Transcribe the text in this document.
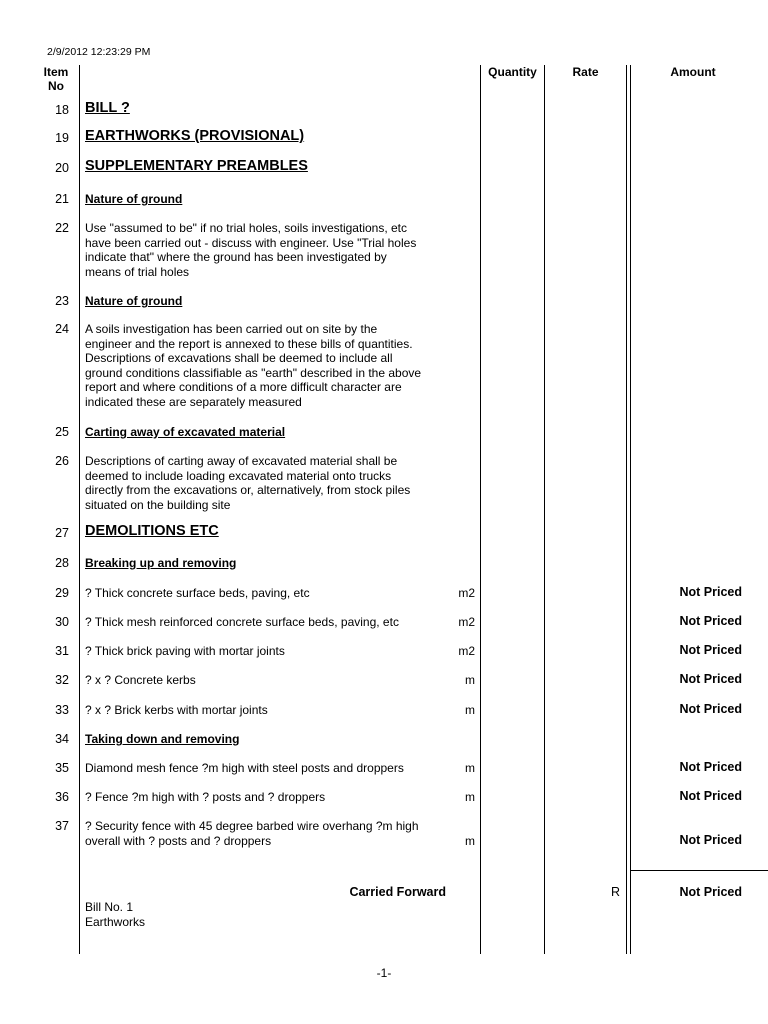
2/9/2012 12:23:29 PM
Item
No
Quantity	Rate	Amount
18 BILL ?
19 EARTHWORKS (PROVISIONAL)
20 SUPPLEMENTARY PREAMBLES
21 Nature of ground
22 Use "assumed to be" if no trial holes, soils investigations, etc
have been carried out - discuss with engineer. Use "Trial holes
indicate that" where the ground has been investigated by
means of trial holes
23 Nature of ground
24 A soils investigation has been carried out on site by the
engineer and the report is annexed to these bills of quantities.
Descriptions of excavations shall be deemed to include all
ground conditions classifiable as "earth" described in the above
report and where conditions of a more difficult character are
indicated these are separately measured
25 Carting away of excavated material
26 Descriptions of carting away of excavated material shall be
deemed to include loading excavated material onto trucks
directly from the excavations or, alternatively, from stock piles
situated on the building site
27 DEMOLITIONS ETC
28 Breaking up and removing
29 ? Thick concrete surface beds, paving, etc	m2	Not Priced
30 ? Thick mesh reinforced concrete surface beds, paving, etc	m2	Not Priced
31 ? Thick brick paving with mortar joints	m2	Not Priced
32 ? x ? Concrete kerbs	m	Not Priced
33 ? x ? Brick kerbs with mortar joints	m	Not Priced
34 Taking down and removing
35 Diamond mesh fence ?m high with steel posts and droppers	m	Not Priced
36 ? Fence ?m high with ? posts and ? droppers	m	Not Priced
37 ? Security fence with 45 degree barbed wire overhang ?m high
overall with ? posts and ? droppers	m	Not Priced
Carried Forward	R	Not Priced
Bill No. 1
Earthworks
-1-
